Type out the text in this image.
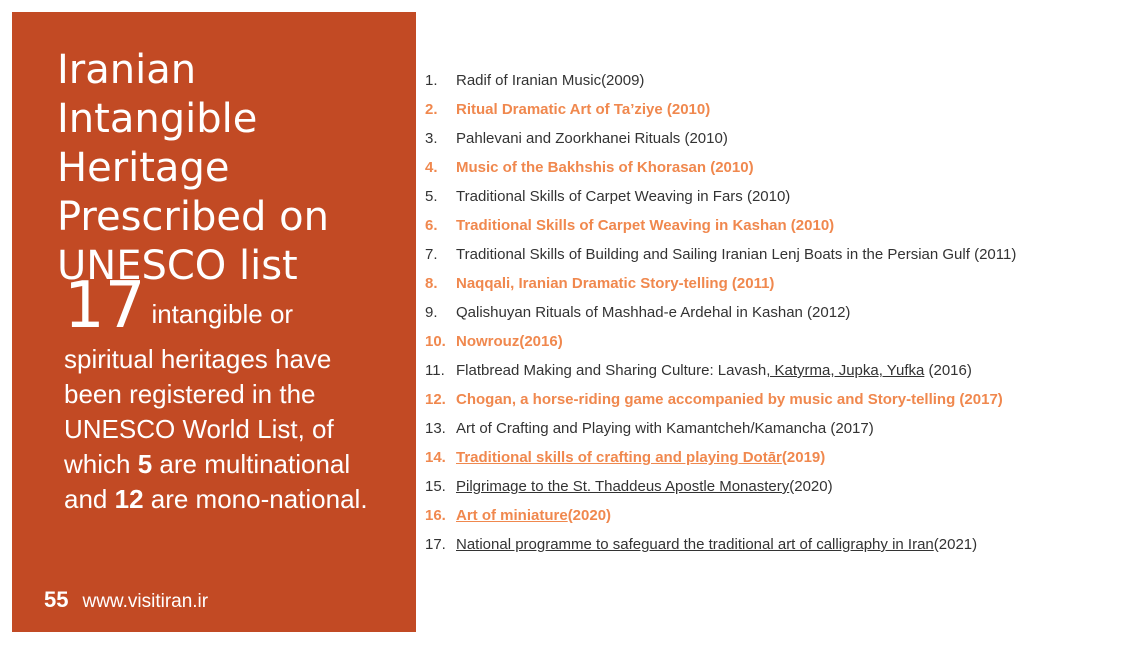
Iranian Intangible
Heritage
Prescribed on
UNESCO list
17 intangible or
spiritual heritages have been registered in the UNESCO World List, of which 5 are multinational and 12 are mono-national.
55 www.visitiran.ir
1.	Radif of Iranian Music(2009)
2.	Ritual Dramatic Art of Ta’ziye (2010)
3.	Pahlevani and Zoorkhanei Rituals (2010)
4.	Music of the Bakhshis of Khorasan (2010)
5.	Traditional Skills of Carpet Weaving in Fars (2010)
6.	Traditional Skills of Carpet Weaving in Kashan (2010)
7.	Traditional Skills of Building and Sailing Iranian Lenj Boats in the Persian Gulf (2011)
8.	Naqqali, Iranian Dramatic Story-telling (2011)
9.	Qalishuyan Rituals of Mashhad-e Ardehal in Kashan (2012)
10. Nowrouz(2016)
11. Flatbread Making and Sharing Culture: Lavash, Katyrma, Jupka, Yufka (2016)
12. Chogan, a horse-riding game accompanied by music and Story-telling (2017)
13. Art of Crafting and Playing with Kamantcheh/Kamancha (2017)
14. Traditional skills of crafting and playing Dotār(2019)
15. Pilgrimage to the St. Thaddeus Apostle Monastery(2020)
16. Art of miniature(2020)
17. National programme to safeguard the traditional art of calligraphy in Iran(2021)
